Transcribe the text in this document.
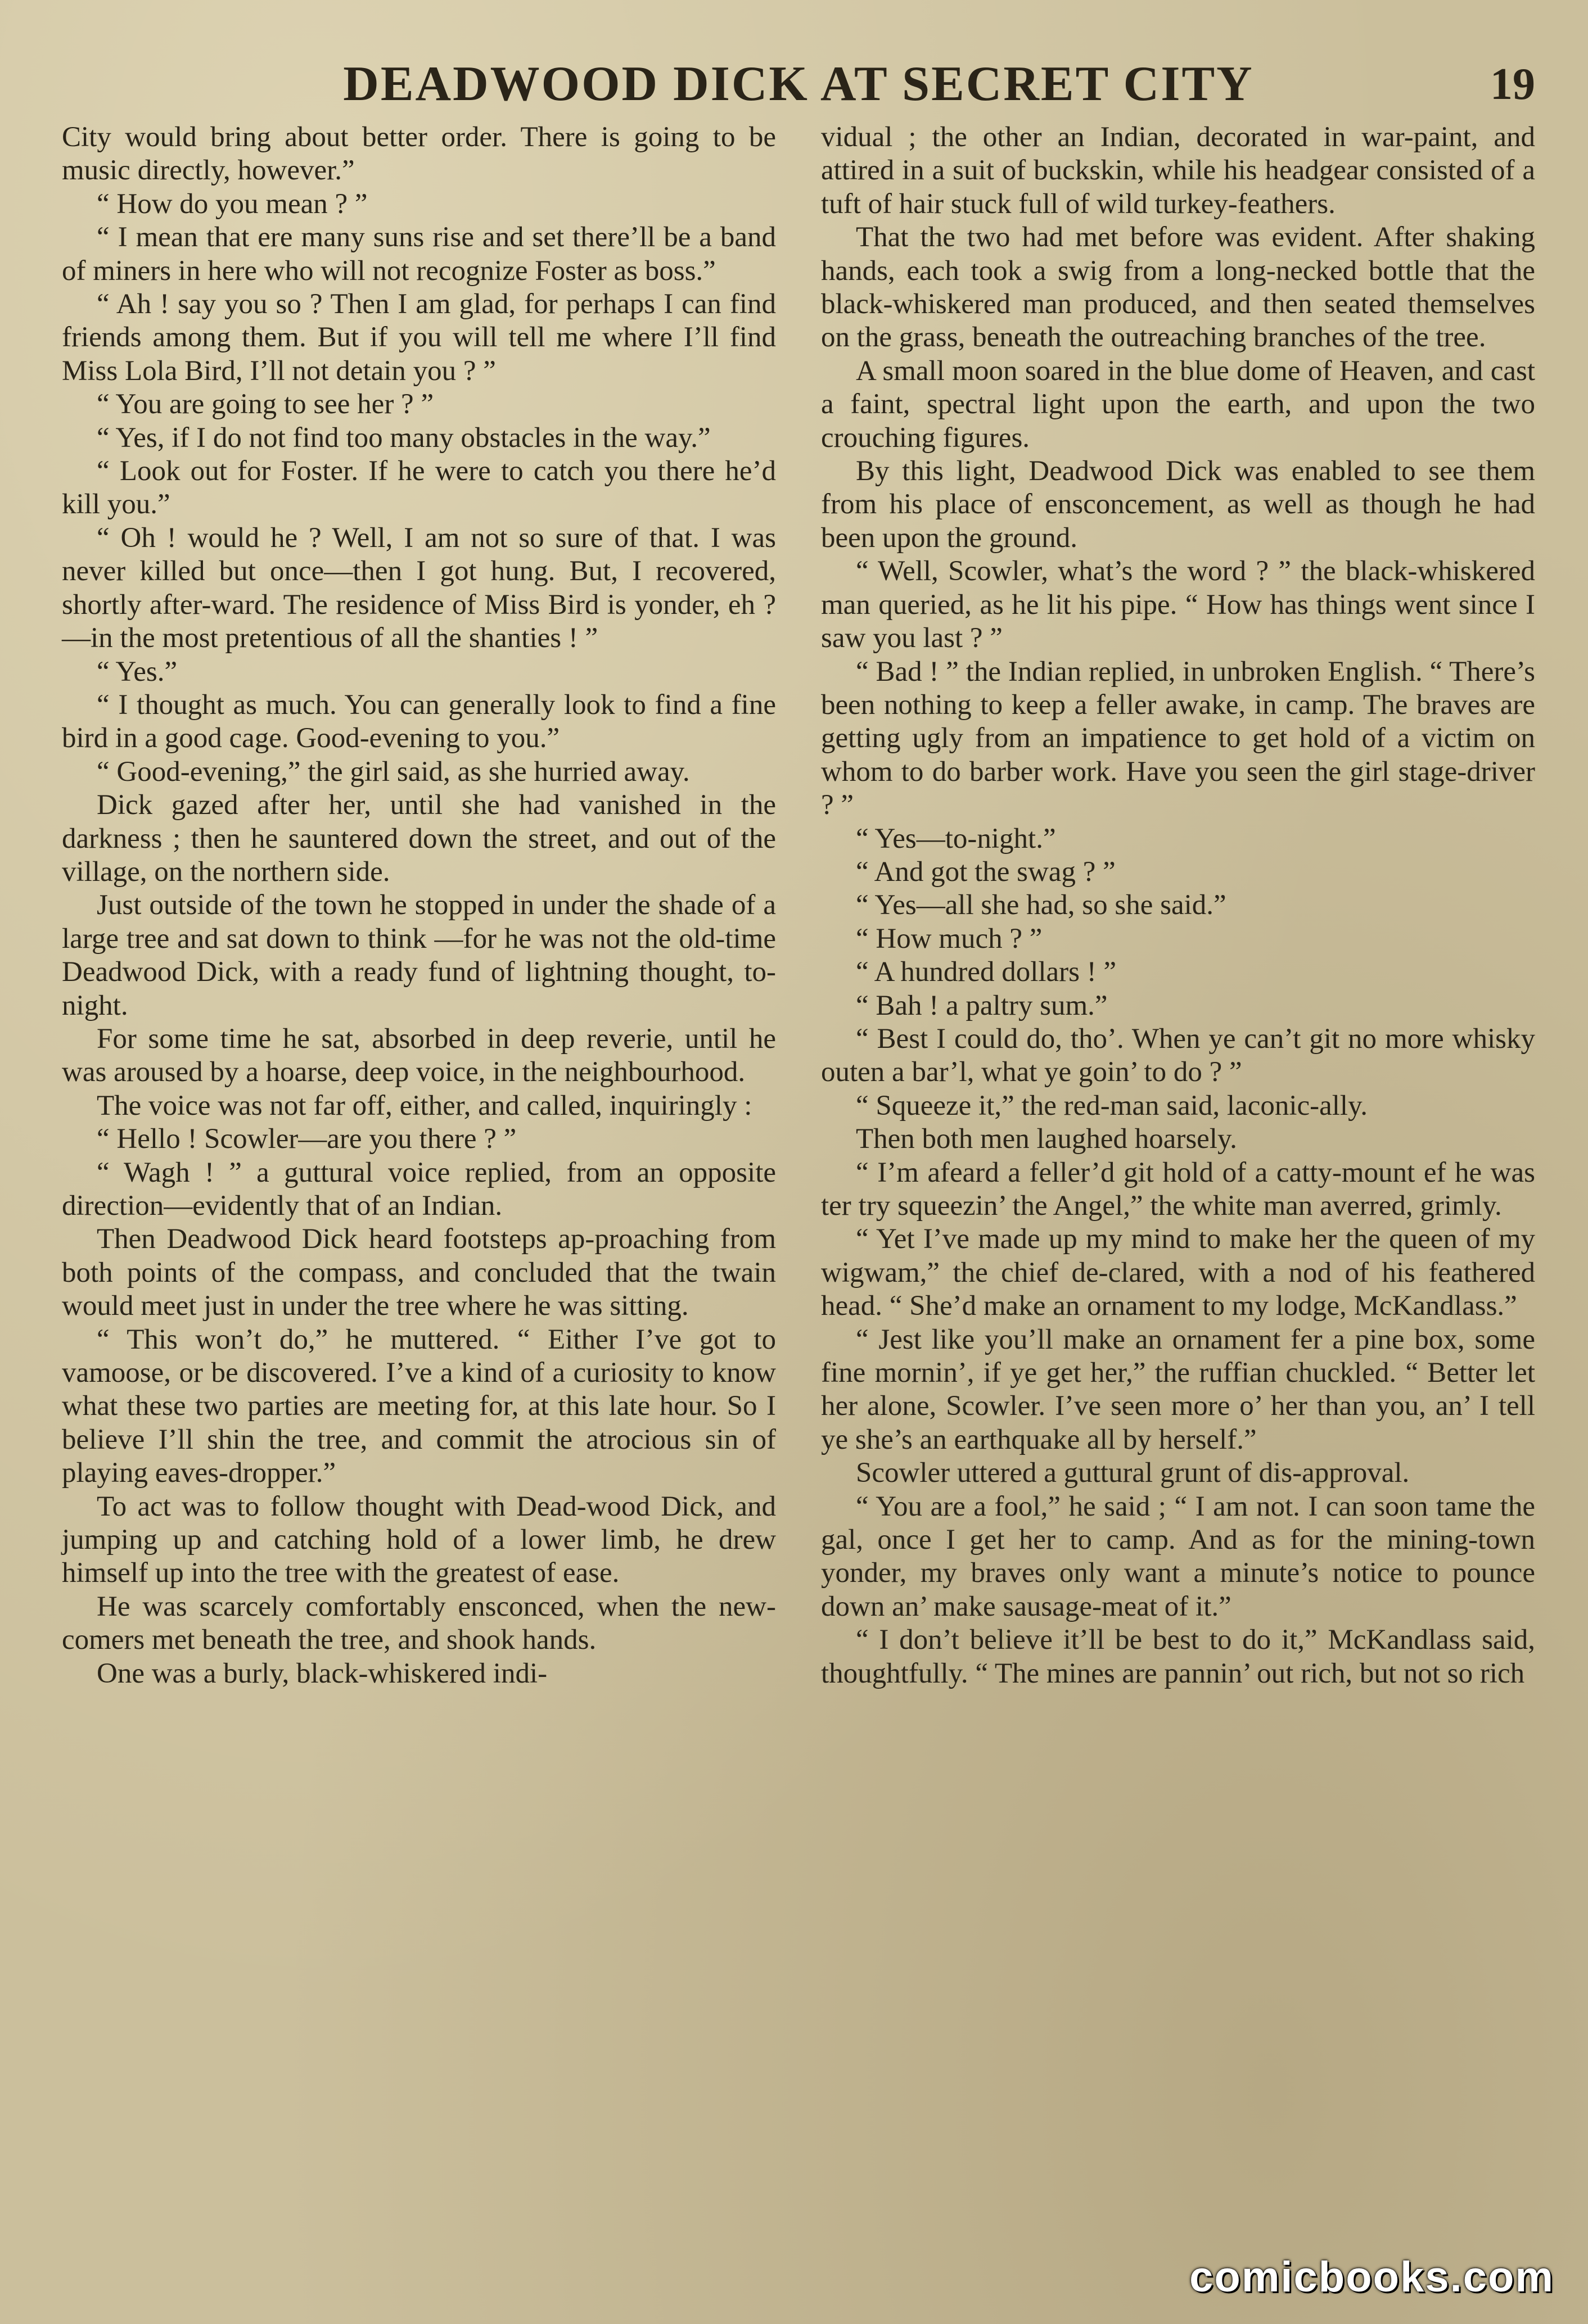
DEADWOOD DICK AT SECRET CITY	19

City would bring about better order. There is going to be music directly, however.”

“ How do you mean ? ”

“ I mean that ere many suns rise and set there’ll be a band of miners in here who will not recognize Foster as boss.”

“ Ah ! say you so ? Then I am glad, for perhaps I can find friends among them. But if you will tell me where I’ll find Miss Lola Bird, I’ll not detain you ? ”

“ You are going to see her ? ”

“ Yes, if I do not find too many obstacles in the way.”

“ Look out for Foster. If he were to catch you there he’d kill you.”

“ Oh ! would he ? Well, I am not so sure of that. I was never killed but once—then I got hung. But, I recovered, shortly after-ward. The residence of Miss Bird is yonder, eh ?—in the most pretentious of all the shanties ! ”

“ Yes.”

“ I thought as much. You can generally look to find a fine bird in a good cage. Good-evening to you.”

“ Good-evening,” the girl said, as she hurried away.

Dick gazed after her, until she had vanished in the darkness ; then he sauntered down the street, and out of the village, on the northern side.

Just outside of the town he stopped in under the shade of a large tree and sat down to think —for he was not the old-time Deadwood Dick, with a ready fund of lightning thought, to-night.

For some time he sat, absorbed in deep reverie, until he was aroused by a hoarse, deep voice, in the neighbourhood.

The voice was not far off, either, and called, inquiringly :

“ Hello ! Scowler—are you there ? ”

“ Wagh ! ” a guttural voice replied, from an opposite direction—evidently that of an Indian.

Then Deadwood Dick heard footsteps ap-proaching from both points of the compass, and concluded that the twain would meet just in under the tree where he was sitting.

“ This won’t do,” he muttered. “ Either I’ve got to vamoose, or be discovered. I’ve a kind of a curiosity to know what these two parties are meeting for, at this late hour. So I believe I’ll shin the tree, and commit the atrocious sin of playing eaves-dropper.”

To act was to follow thought with Dead-wood Dick, and jumping up and catching hold of a lower limb, he drew himself up into the tree with the greatest of ease.

He was scarcely comfortably ensconced, when the new-comers met beneath the tree, and shook hands.

One was a burly, black-whiskered indi-

vidual ; the other an Indian, decorated in war-paint, and attired in a suit of buckskin, while his headgear consisted of a tuft of hair stuck full of wild turkey-feathers.

That the two had met before was evident. After shaking hands, each took a swig from a long-necked bottle that the black-whiskered man produced, and then seated themselves on the grass, beneath the outreaching branches of the tree.

A small moon soared in the blue dome of Heaven, and cast a faint, spectral light upon the earth, and upon the two crouching figures.

By this light, Deadwood Dick was enabled to see them from his place of ensconcement, as well as though he had been upon the ground.

“ Well, Scowler, what’s the word ? ” the black-whiskered man queried, as he lit his pipe. “ How has things went since I saw you last ? ”

“ Bad ! ” the Indian replied, in unbroken English. “ There’s been nothing to keep a feller awake, in camp. The braves are getting ugly from an impatience to get hold of a victim on whom to do barber work. Have you seen the girl stage-driver ? ”

“ Yes—to-night.”

“ And got the swag ? ”

“ Yes—all she had, so she said.”

“ How much ? ”

“ A hundred dollars ! ”

“ Bah ! a paltry sum.”

“ Best I could do, tho’. When ye can’t git no more whisky outen a bar’l, what ye goin’ to do ? ”

“ Squeeze it,” the red-man said, laconic-ally.

Then both men laughed hoarsely.

“ I’m afeard a feller’d git hold of a catty-mount ef he was ter try squeezin’ the Angel,” the white man averred, grimly.

“ Yet I’ve made up my mind to make her the queen of my wigwam,” the chief de-clared, with a nod of his feathered head. “ She’d make an ornament to my lodge, McKandlass.”

“ Jest like you’ll make an ornament fer a pine box, some fine mornin’, if ye get her,” the ruffian chuckled. “ Better let her alone, Scowler. I’ve seen more o’ her than you, an’ I tell ye she’s an earthquake all by herself.”

Scowler uttered a guttural grunt of dis-approval.

“ You are a fool,” he said ; “ I am not. I can soon tame the gal, once I get her to camp. And as for the mining-town yonder, my braves only want a minute’s notice to pounce down an’ make sausage-meat of it.”

“ I don’t believe it’ll be best to do it,” McKandlass said, thoughtfully. “ The mines are pannin’ out rich, but not so rich

comicbooks.com
